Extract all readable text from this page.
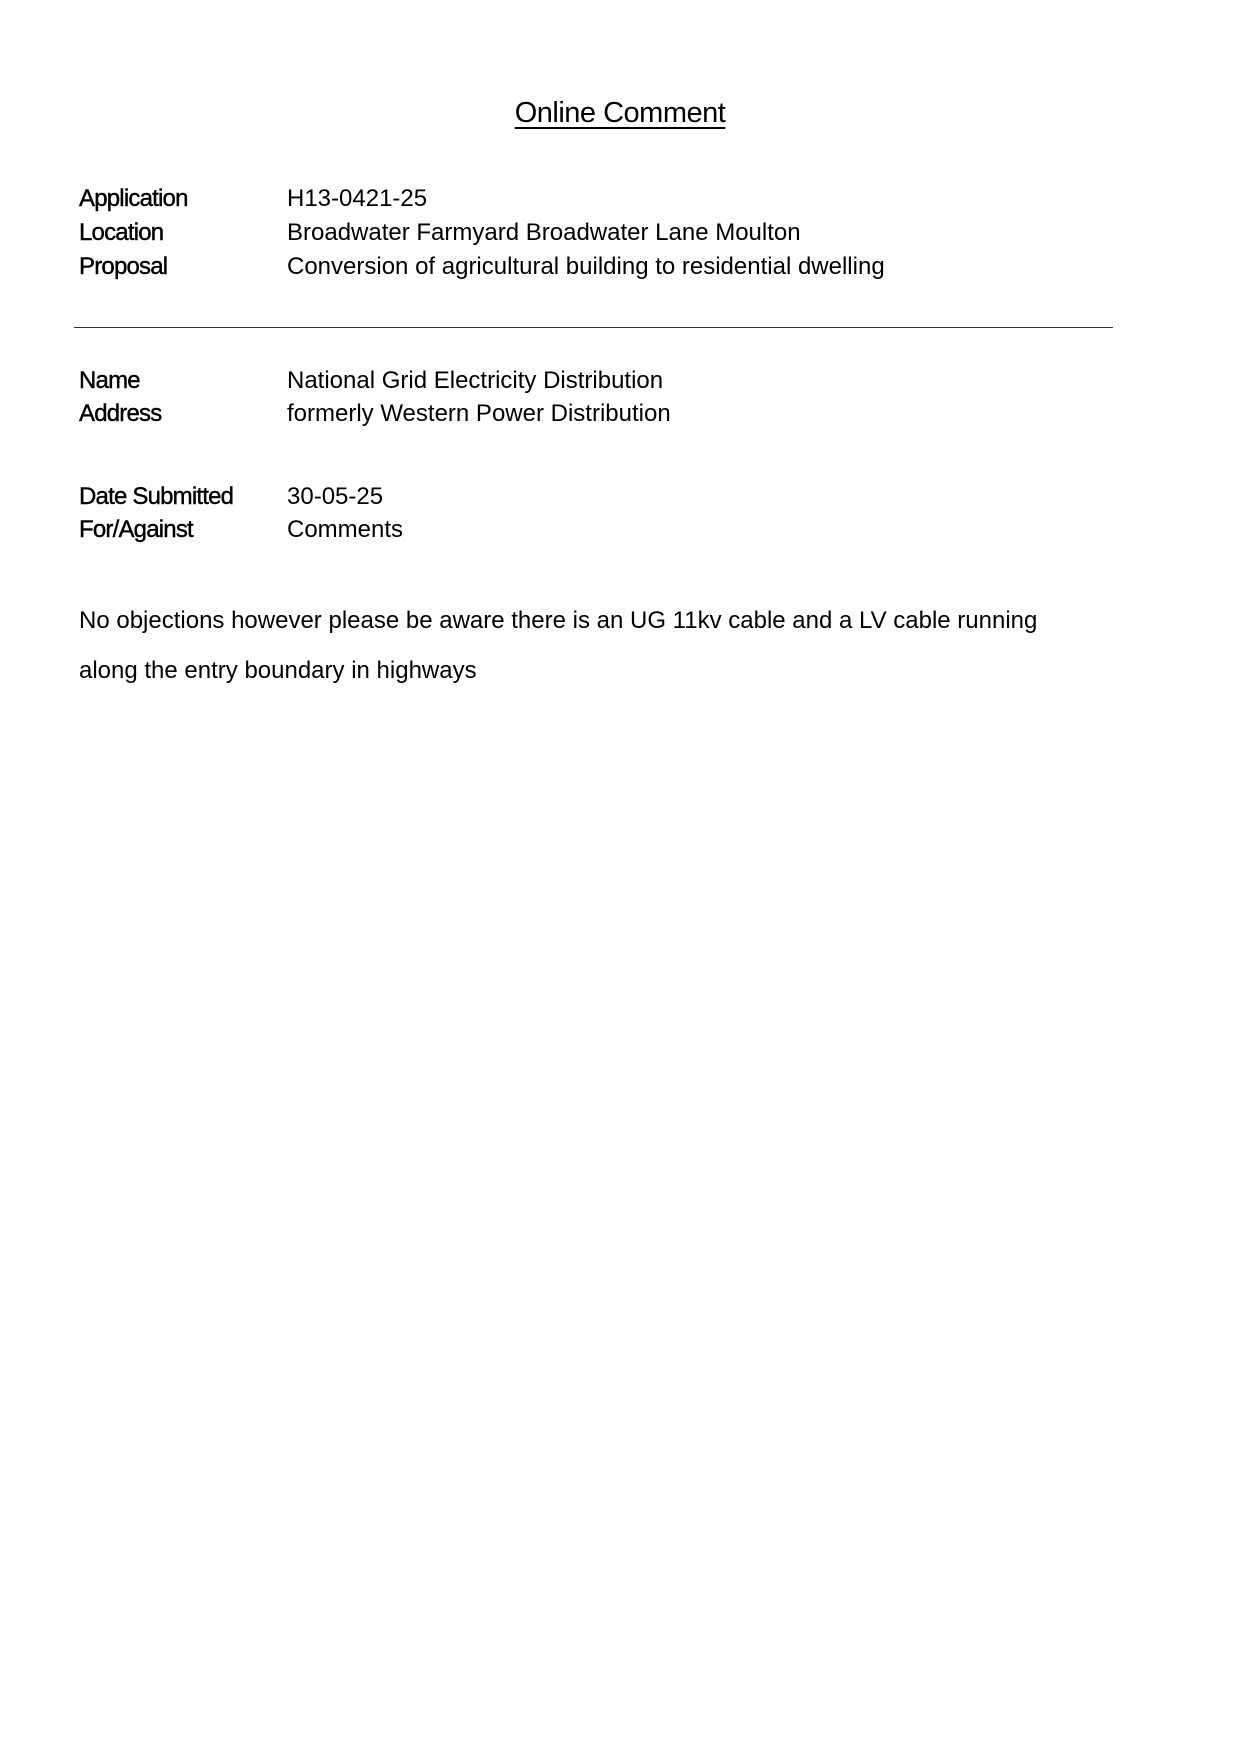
Online Comment
Application	H13-0421-25
Location	Broadwater Farmyard Broadwater Lane Moulton
Proposal	Conversion of agricultural building to residential dwelling
Name	National Grid Electricity Distribution
Address	formerly Western Power Distribution
Date Submitted 30-05-25
For/Against	Comments

No objections however please be aware there is an UG 11kv cable and a LV cable running

along the entry boundary in highways
